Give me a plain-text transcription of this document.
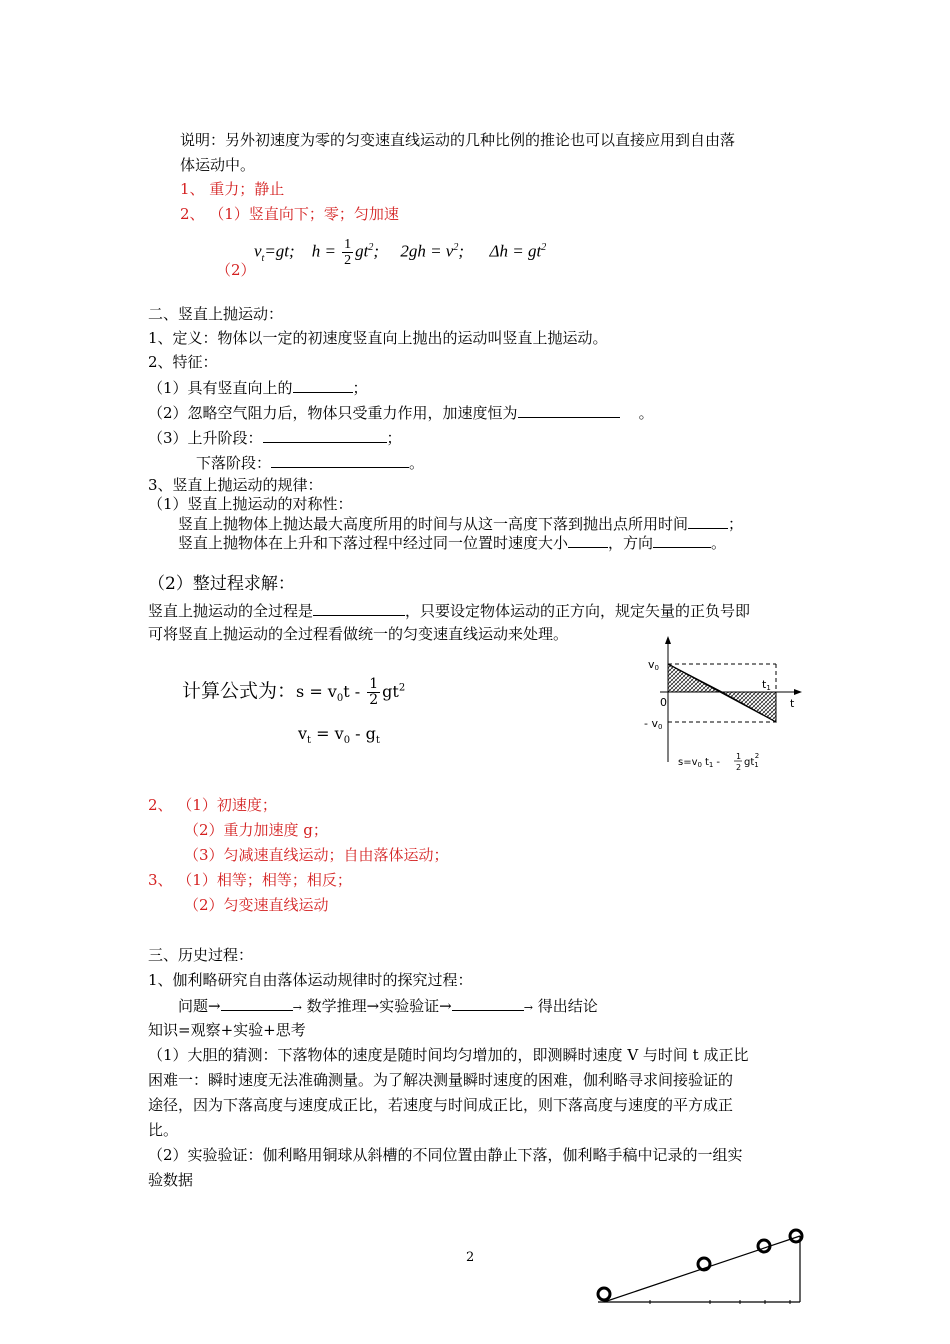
说明：另外初速度为零的匀变速直线运动的几种比例的推论也可以直接应用到自由落
体运动中。
1、 重力；静止
2、 （1）竖直向下；零；匀加速
（2）
$v_t=gt$; $h = \frac{1}{2} gt^2$; $2gh = v^2$; $\Delta h = gt^2$
二、竖直上抛运动：
1、定义：物体以一定的初速度竖直向上抛出的运动叫竖直上抛运动。
2、特征：
（1）具有竖直向上的	；
（2）忽略空气阻力后，物体只受重力作用，加速度恒为	。
（3）上升阶段：	；
下落阶段：	。
3、竖直上抛运动的规律：
（1）竖直上抛运动的对称性：
竖直上抛物体上抛达最大高度所用的时间与从这一高度下落到抛出点所用时间	；
竖直上抛物体在上升和下落过程中经过同一位置时速度大小	，方向	。
（2）整过程求解：
竖直上抛运动的全过程是	，只要设定物体运动的正方向，规定矢量的正负号即
可将竖直上抛运动的全过程看做统一的匀变速直线运动来处理。
计算公式为：$s = v_0t - \frac{1}{2} gt^2$
$v_t = v_0 - g_t$
v0
- v0
0	t
t1
$s=v_0$ $t_1$ -
1
2 $gt_12$
2、 （1）初速度；
（2）重力加速度 g；
（3）匀减速直线运动；自由落体运动；
3、 （1）相等；相等；相反；
（2）匀变速直线运动
三、历史过程：
1、伽利略研究自由落体运动规律时的探究过程：
问题→	→ 数学推理→实验验证→	→ 得出结论
知识=观察+实验+思考
（1）大胆的猜测：下落物体的速度是随时间均匀增加的，即测瞬时速度 V 与时间 t 成正比
困难一：瞬时速度无法准确测量。为了解决测量瞬时速度的困难，伽利略寻求间接验证的
途径，因为下落高度与速度成正比，若速度与时间成正比，则下落高度与速度的平方成正
比。
（2）实验验证：伽利略用铜球从斜槽的不同位置由静止下落，伽利略手稿中记录的一组实
验数据
2
